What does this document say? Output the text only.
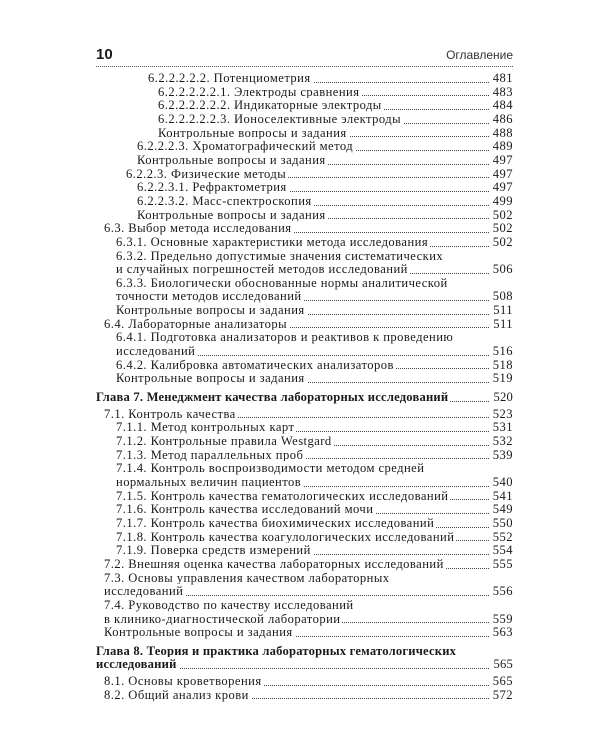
10	Оглавление
6.2.2.2.2.2. Потенциометрия	481
6.2.2.2.2.2.1. Электроды сравнения	483
6.2.2.2.2.2.2. Индикаторные электроды	484
6.2.2.2.2.2.3. Ионоселективные электроды	486
Контрольные вопросы и задания	488
6.2.2.2.3. Хроматографический метод	489
Контрольные вопросы и задания	497
6.2.2.3. Физические методы	497
6.2.2.3.1. Рефрактометрия	497
6.2.2.3.2. Масс-спектроскопия	499
Контрольные вопросы и задания	502
6.3. Выбор метода исследования	502
6.3.1. Основные характеристики метода исследования	502
6.3.2. Предельно допустимые значения систематических
и случайных погрешностей методов исследований	506
6.3.3. Биологически обоснованные нормы аналитической
точности методов исследований	508
Контрольные вопросы и задания	511
6.4. Лабораторные анализаторы	511
6.4.1. Подготовка анализаторов и реактивов к проведению
исследований	516
6.4.2. Калибровка автоматических анализаторов	518
Контрольные вопросы и задания	519
Глава 7. Менеджмент качества лабораторных исследований	520
7.1. Контроль качества	523
7.1.1. Метод контрольных карт	531
7.1.2. Контрольные правила Westgard	532
7.1.3. Метод параллельных проб	539
7.1.4. Контроль воспроизводимости методом средней
нормальных величин пациентов	540
7.1.5. Контроль качества гематологических исследований	541
7.1.6. Контроль качества исследований мочи	549
7.1.7. Контроль качества биохимических исследований	550
7.1.8. Контроль качества коагулологических исследований	552
7.1.9. Поверка средств измерений	554
7.2. Внешняя оценка качества лабораторных исследований	555
7.3. Основы управления качеством лабораторных исследований	556
7.4. Руководство по качеству исследований
в клинико-диагностической лаборатории	559
Контрольные вопросы и задания	563
Глава 8. Теория и практика лабораторных гематологических
исследований	565
8.1. Основы кроветворения	565
8.2. Общий анализ крови	572
